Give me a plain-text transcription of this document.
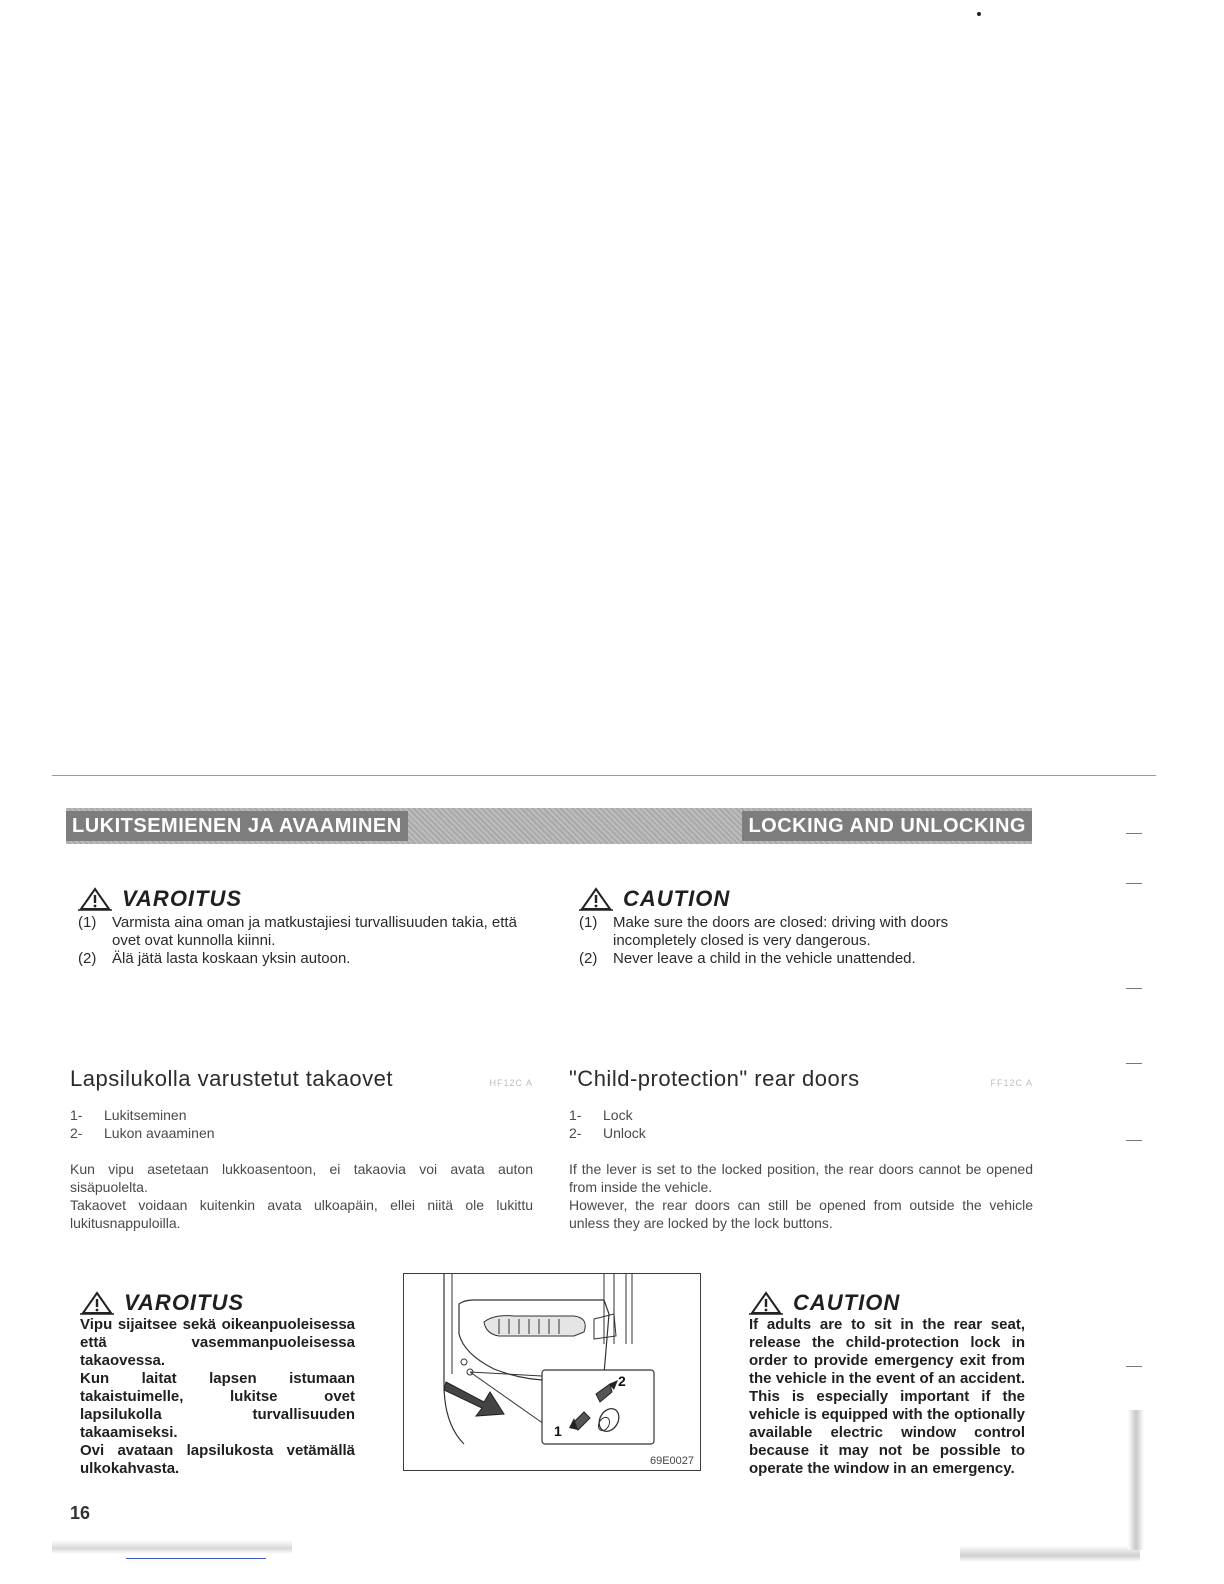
LUKITSEMIENEN JA AVAAMINEN	LOCKING AND UNLOCKING
VAROITUS
(1)	Varmista aina oman ja matkustajiesi turvallisuuden takia, että ovet ovat kunnolla kiinni.
(2)	Älä jätä lasta koskaan yksin autoon.
CAUTION
(1)	Make sure the doors are closed: driving with doors incompletely closed is very dangerous.
(2)	Never leave a child in the vehicle unattended.
Lapsilukolla varustetut takaovet	HF12C A
1-	Lukitseminen
2-	Lukon avaaminen

Kun vipu asetetaan lukkoasentoon, ei takaovia voi avata auton sisäpuolelta.

Takaovet voidaan kuitenkin avata ulkoapäin, ellei niitä ole lukittu lukitusnappuloilla.

"Child-protection" rear doors	FF12C A
1-	Lock
2-	Unlock

If the lever is set to the locked position, the rear doors cannot be opened from inside the vehicle.

However, the rear doors can still be opened from outside the vehicle unless they are locked by the lock buttons.

VAROITUS

Vipu sijaitsee sekä oikeanpuoleisessa että vasemmanpuoleisessa takaovessa.

Kun laitat lapsen istumaan takaistuimelle, lukitse ovet lapsilukolla turvallisuuden takaamiseksi.

Ovi avataan lapsilukosta vetämällä ulkokahvasta.

2
1
69E0027
CAUTION

If adults are to sit in the rear seat, release the child-protection lock in order to provide emergency exit from the vehicle in the event of an accident. This is especially important if the vehicle is equipped with the optionally available electric window control because it may not be possible to operate the window in an emergency.

16
